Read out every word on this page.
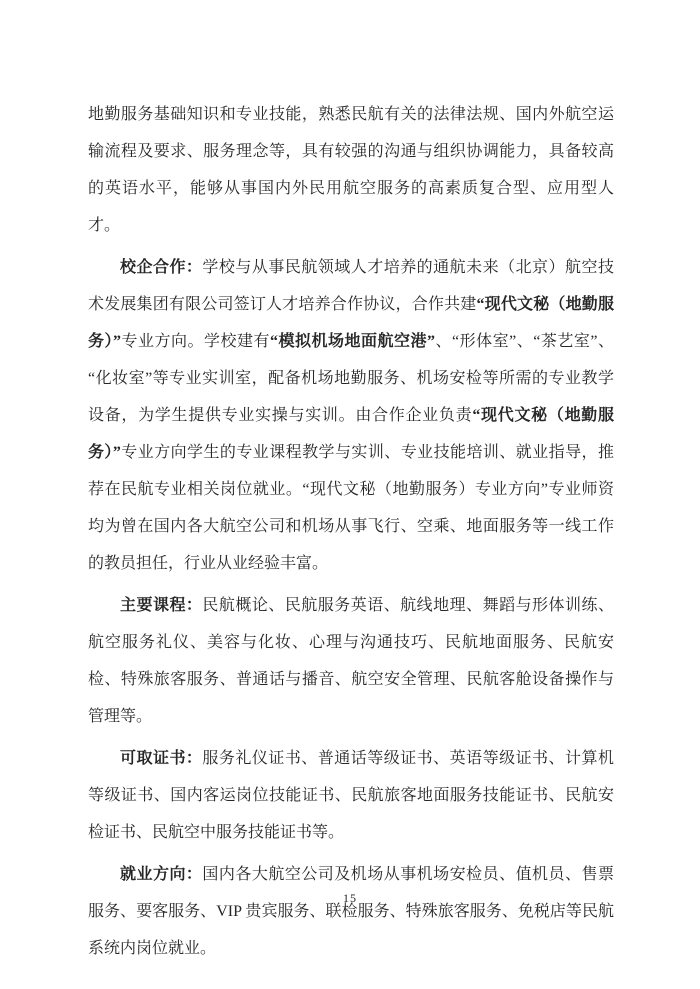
地勤服务基础知识和专业技能，熟悉民航有关的法律法规、国内外航空运输流程及要求、服务理念等，具有较强的沟通与组织协调能力，具备较高的英语水平，能够从事国内外民用航空服务的高素质复合型、应用型人才。

校企合作：学校与从事民航领域人才培养的通航未来（北京）航空技术发展集团有限公司签订人才培养合作协议，合作共建“现代文秘（地勤服务）”专业方向。学校建有“模拟机场地面航空港”、“形体室”、“茶艺室”、“化妆室”等专业实训室，配备机场地勤服务、机场安检等所需的专业教学设备，为学生提供专业实操与实训。由合作企业负责“现代文秘（地勤服务）”专业方向学生的专业课程教学与实训、专业技能培训、就业指导，推荐在民航专业相关岗位就业。“现代文秘（地勤服务）专业方向”专业师资均为曾在国内各大航空公司和机场从事飞行、空乘、地面服务等一线工作的教员担任，行业从业经验丰富。

主要课程：民航概论、民航服务英语、航线地理、舞蹈与形体训练、航空服务礼仪、美容与化妆、心理与沟通技巧、民航地面服务、民航安检、特殊旅客服务、普通话与播音、航空安全管理、民航客舱设备操作与管理等。

可取证书：服务礼仪证书、普通话等级证书、英语等级证书、计算机等级证书、国内客运岗位技能证书、民航旅客地面服务技能证书、民航安检证书、民航空中服务技能证书等。

就业方向：国内各大航空公司及机场从事机场安检员、值机员、售票服务、要客服务、VIP 贵宾服务、联检服务、特殊旅客服务、免税店等民航系统内岗位就业。

15
